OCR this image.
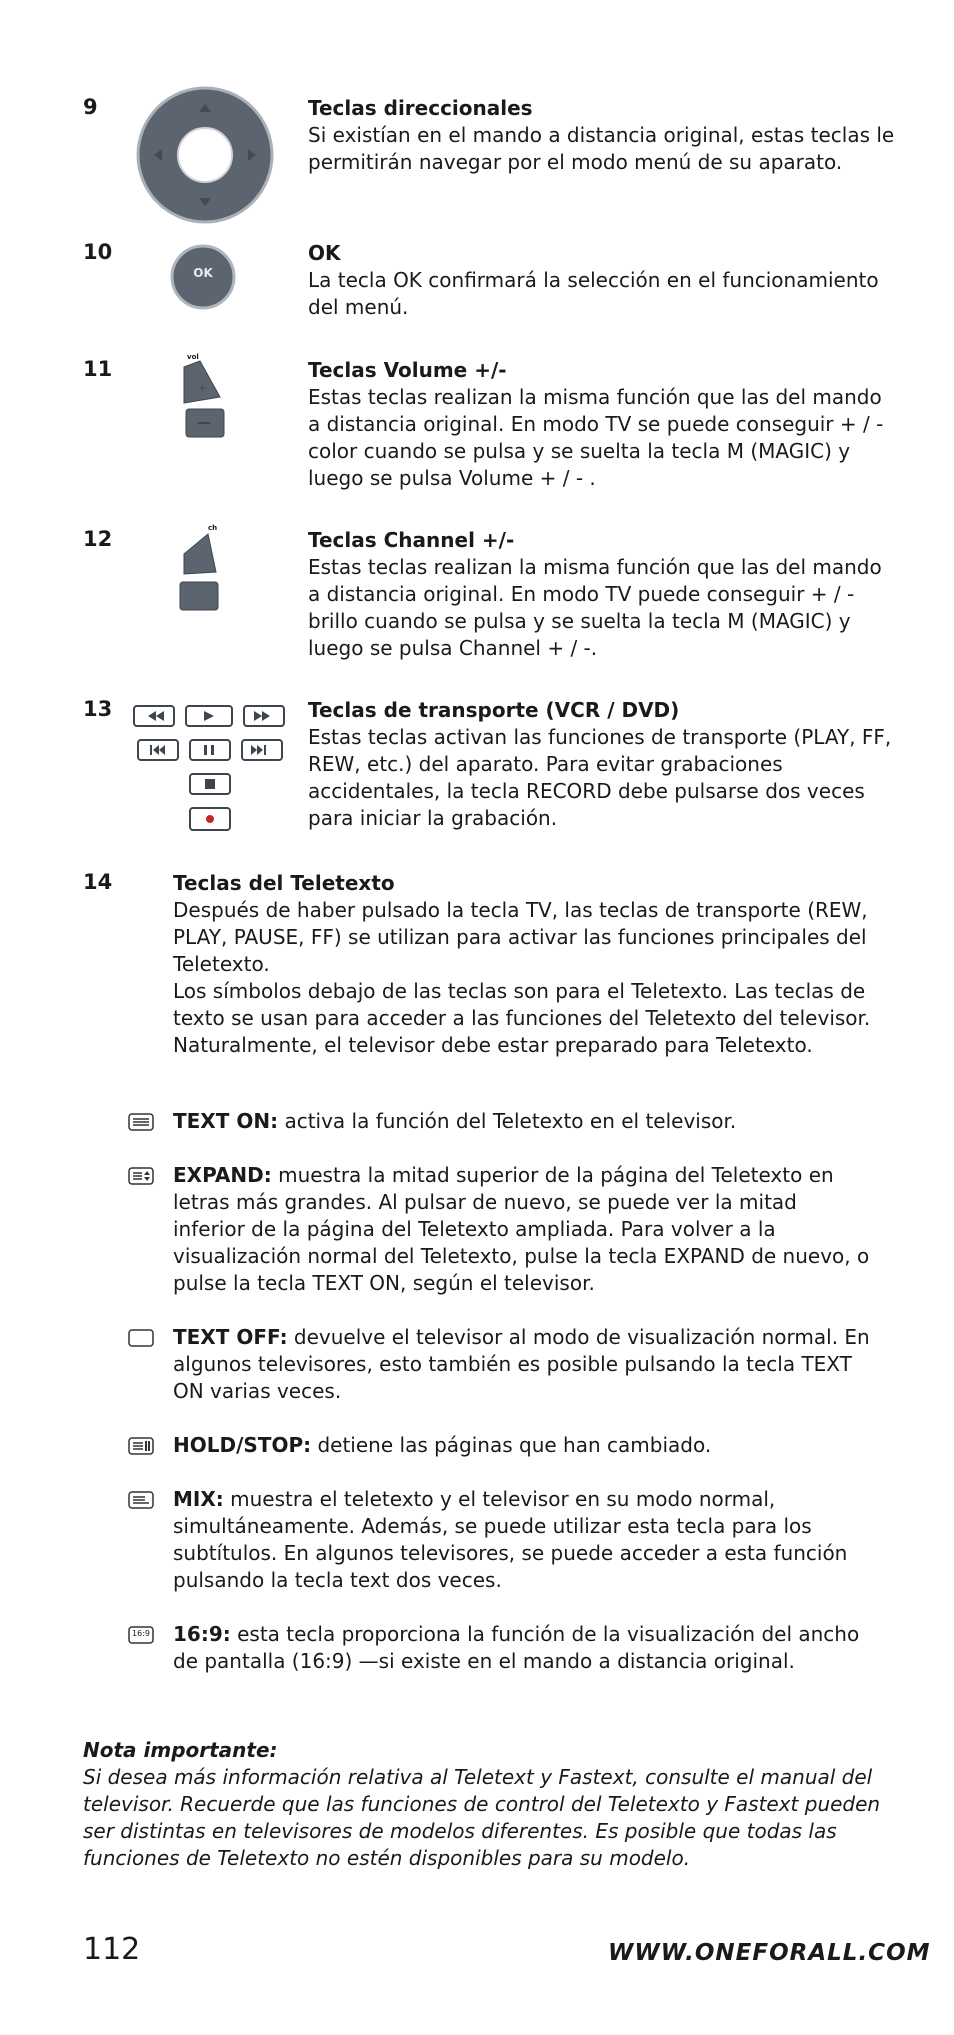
9	Teclas direccionales
Si existían en el mando a distancia original, estas teclas le permitirán navegar por el modo menú de su aparato.
10
OK
OK
La tecla OK confirmará la selección en el funcionamiento del menú.
11	vol
+
Teclas Volume +/-
Estas teclas realizan la misma función que las del mando a distancia original. En modo TV se puede conseguir + / - color cuando se pulsa y se suelta la tecla M (MAGIC) y luego se pulsa Volume + / - .
12	ch	Teclas Channel +/-
Estas teclas realizan la misma función que las del mando a distancia original. En modo TV puede conseguir + / - brillo cuando se pulsa y se suelta la tecla M (MAGIC) y luego se pulsa Channel + / -.
13	Teclas de transporte (VCR / DVD)
Estas teclas activan las funciones de transporte (PLAY, FF, REW, etc.) del aparato. Para evitar grabaciones accidentales, la tecla RECORD debe pulsarse dos veces para iniciar la grabación.
14	Teclas del Teletexto
Después de haber pulsado la tecla TV, las teclas de transporte (REW, PLAY, PAUSE, FF) se utilizan para activar las funciones principales del Teletexto.
Los símbolos debajo de las teclas son para el Teletexto. Las teclas de texto se usan para acceder a las funciones del Teletexto del televisor. Naturalmente, el televisor debe estar preparado para Teletexto.
TEXT ON: activa la función del Teletexto en el televisor.
EXPAND: muestra la mitad superior de la página del Teletexto en letras más grandes. Al pulsar de nuevo, se puede ver la mitad inferior de la página del Teletexto ampliada. Para volver a la visualización normal del Teletexto, pulse la tecla EXPAND de nuevo, o pulse la tecla TEXT ON, según el televisor.
TEXT OFF: devuelve el televisor al modo de visualización normal. En algunos televisores, esto también es posible pulsando la tecla TEXT ON varias veces.
HOLD/STOP: detiene las páginas que han cambiado.
MIX: muestra el teletexto y el televisor en su modo normal, simultáneamente. Además, se puede utilizar esta tecla para los subtítulos. En algunos televisores, se puede acceder a esta función pulsando la tecla text dos veces.
16:9 16:9: esta tecla proporciona la función de la visualización del ancho de pantalla (16:9) —si existe en el mando a distancia original.
Nota importante:
Si desea más información relativa al Teletext y Fastext, consulte el manual del televisor. Recuerde que las funciones de control del Teletexto y Fastext pueden ser distintas en televisores de modelos diferentes. Es posible que todas las funciones de Teletexto no estén disponibles para su modelo.
112	WWW.ONEFORALL.COM
